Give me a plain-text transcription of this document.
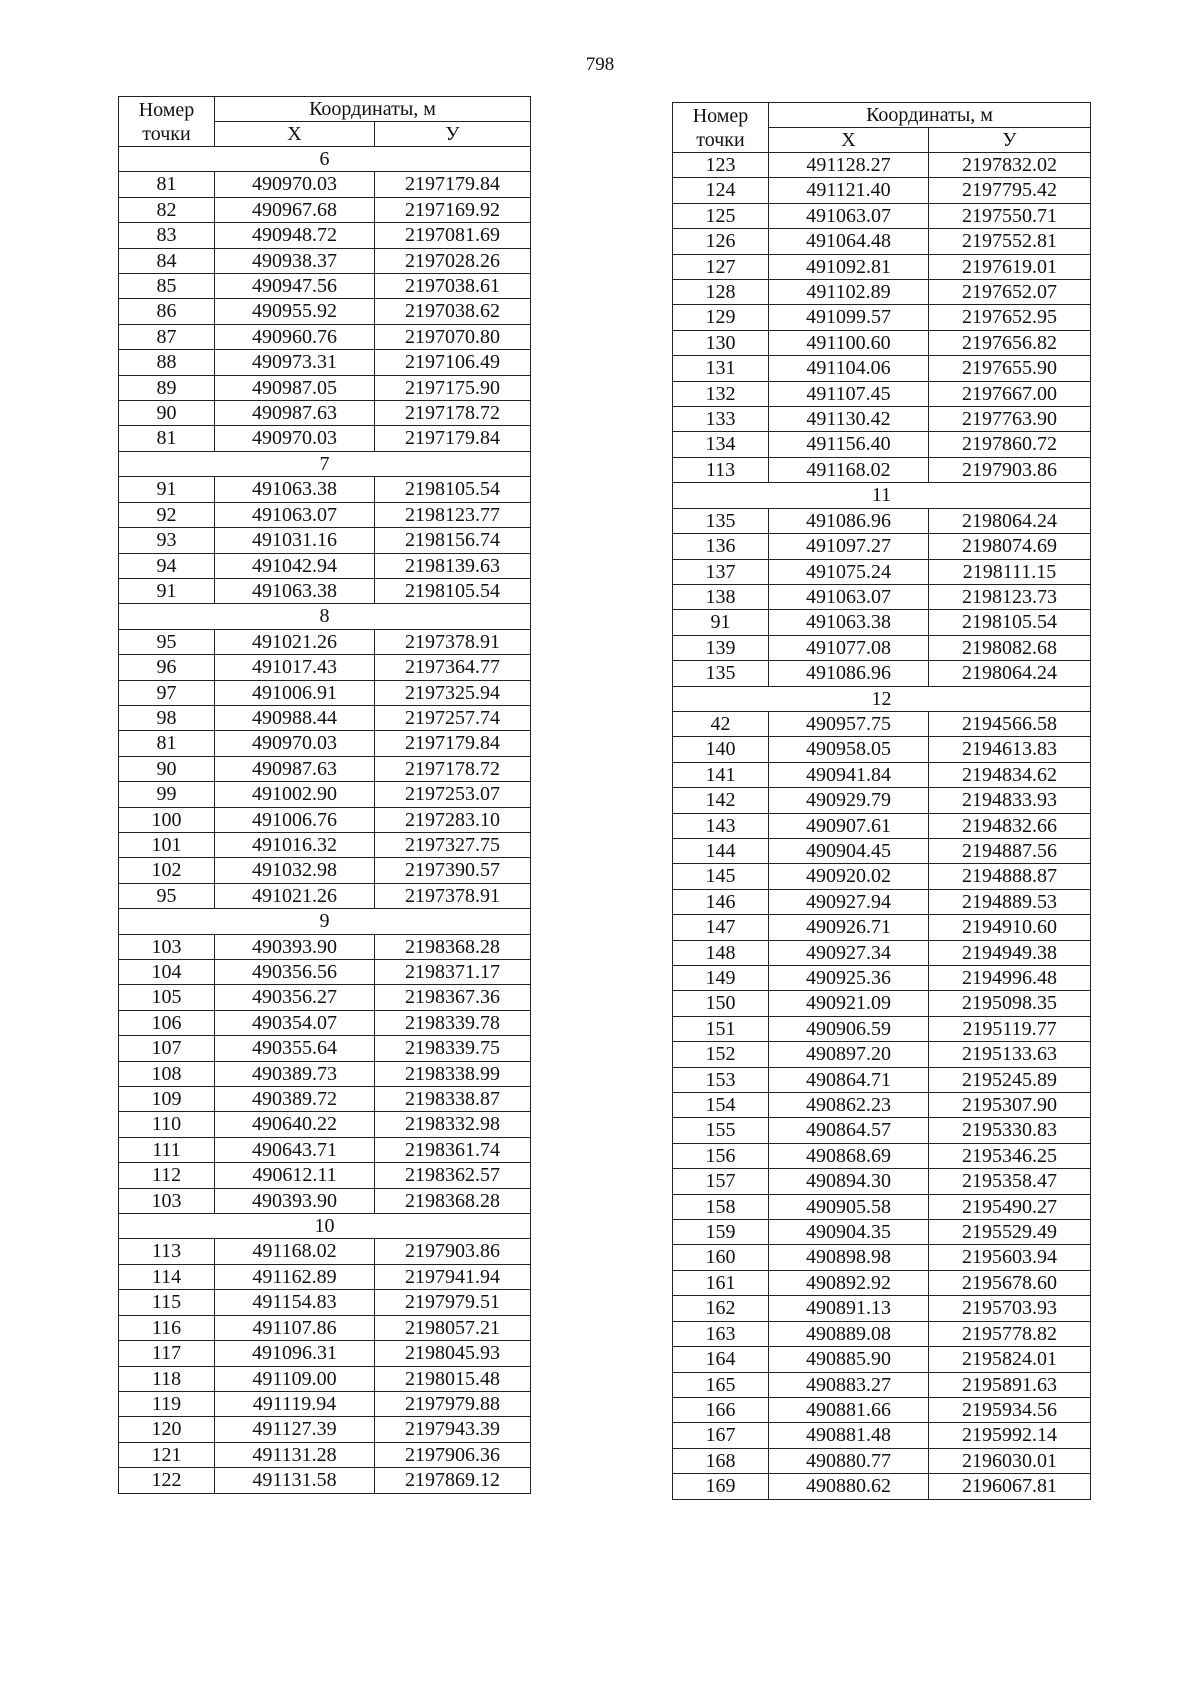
798
Номер
точки	Координаты, м	
	Х	У
6		
81	490970.03	2197179.84
82	490967.68	2197169.92
83	490948.72	2197081.69
84	490938.37	2197028.26
85	490947.56	2197038.61
86	490955.92	2197038.62
87	490960.76	2197070.80
88	490973.31	2197106.49
89	490987.05	2197175.90
90	490987.63	2197178.72
81	490970.03	2197179.84
7		
91	491063.38	2198105.54
92	491063.07	2198123.77
93	491031.16	2198156.74
94	491042.94	2198139.63
91	491063.38	2198105.54
8		
95	491021.26	2197378.91
96	491017.43	2197364.77
97	491006.91	2197325.94
98	490988.44	2197257.74
81	490970.03	2197179.84
90	490987.63	2197178.72
99	491002.90	2197253.07
100	491006.76	2197283.10
101	491016.32	2197327.75
102	491032.98	2197390.57
95	491021.26	2197378.91
9		
103	490393.90	2198368.28
104	490356.56	2198371.17
105	490356.27	2198367.36
106	490354.07	2198339.78
107	490355.64	2198339.75
108	490389.73	2198338.99
109	490389.72	2198338.87
110	490640.22	2198332.98
111	490643.71	2198361.74
112	490612.11	2198362.57
103	490393.90	2198368.28
10		
113	491168.02	2197903.86
114	491162.89	2197941.94
115	491154.83	2197979.51
116	491107.86	2198057.21
117	491096.31	2198045.93
118	491109.00	2198015.48
119	491119.94	2197979.88
120	491127.39	2197943.39
121	491131.28	2197906.36
122	491131.58	2197869.12
Номер
точки	Координаты, м	
	Х	У
123	491128.27	2197832.02
124	491121.40	2197795.42
125	491063.07	2197550.71
126	491064.48	2197552.81
127	491092.81	2197619.01
128	491102.89	2197652.07
129	491099.57	2197652.95
130	491100.60	2197656.82
131	491104.06	2197655.90
132	491107.45	2197667.00
133	491130.42	2197763.90
134	491156.40	2197860.72
113	491168.02	2197903.86
11		
135	491086.96	2198064.24
136	491097.27	2198074.69
137	491075.24	2198111.15
138	491063.07	2198123.73
91	491063.38	2198105.54
139	491077.08	2198082.68
135	491086.96	2198064.24
12		
42	490957.75	2194566.58
140	490958.05	2194613.83
141	490941.84	2194834.62
142	490929.79	2194833.93
143	490907.61	2194832.66
144	490904.45	2194887.56
145	490920.02	2194888.87
146	490927.94	2194889.53
147	490926.71	2194910.60
148	490927.34	2194949.38
149	490925.36	2194996.48
150	490921.09	2195098.35
151	490906.59	2195119.77
152	490897.20	2195133.63
153	490864.71	2195245.89
154	490862.23	2195307.90
155	490864.57	2195330.83
156	490868.69	2195346.25
157	490894.30	2195358.47
158	490905.58	2195490.27
159	490904.35	2195529.49
160	490898.98	2195603.94
161	490892.92	2195678.60
162	490891.13	2195703.93
163	490889.08	2195778.82
164	490885.90	2195824.01
165	490883.27	2195891.63
166	490881.66	2195934.56
167	490881.48	2195992.14
168	490880.77	2196030.01
169	490880.62	2196067.81
